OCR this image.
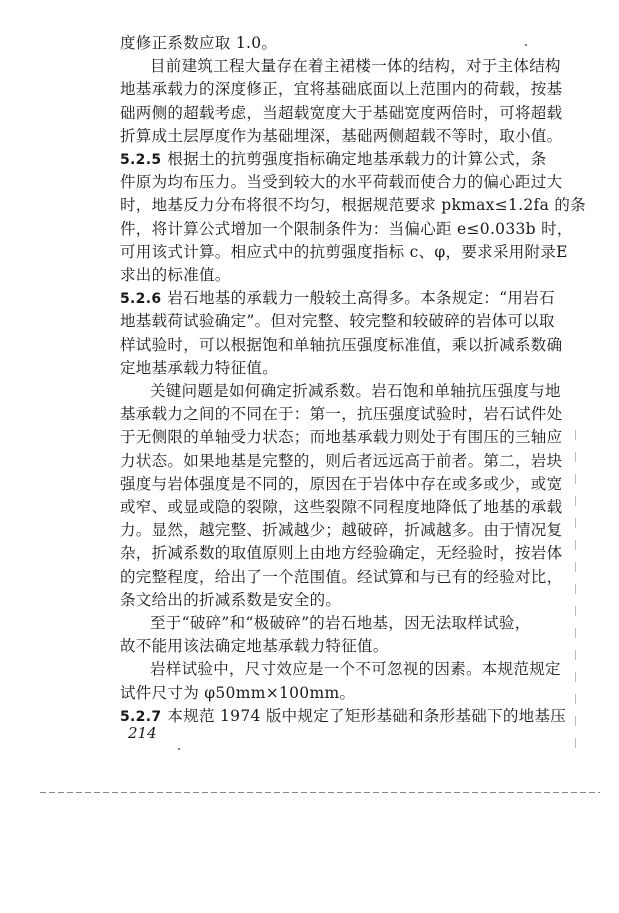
度修正系数应取 1.0。
目前建筑工程大量存在着主裙楼一体的结构，对于主体结构
地基承载力的深度修正，宜将基础底面以上范围内的荷载，按基
础两侧的超载考虑，当超载宽度大于基础宽度两倍时，可将超载
折算成土层厚度作为基础埋深，基础两侧超载不等时，取小值。
5.2.5 根据土的抗剪强度指标确定地基承载力的计算公式，条
件原为均布压力。当受到较大的水平荷载而使合力的偏心距过大
时，地基反力分布将很不均匀，根据规范要求 pkmax≤1.2fa 的条
件，将计算公式增加一个限制条件为：当偏心距 e≤0.033b 时，
可用该式计算。相应式中的抗剪强度指标 c、φ，要求采用附录E
求出的标准值。
5.2.6 岩石地基的承载力一般较土高得多。本条规定：“用岩石
地基载荷试验确定”。但对完整、较完整和较破碎的岩体可以取
样试验时，可以根据饱和单轴抗压强度标准值，乘以折减系数确
定地基承载力特征值。
关键问题是如何确定折减系数。岩石饱和单轴抗压强度与地
基承载力之间的不同在于：第一，抗压强度试验时，岩石试件处
于无侧限的单轴受力状态；而地基承载力则处于有围压的三轴应
力状态。如果地基是完整的，则后者远远高于前者。第二，岩块
强度与岩体强度是不同的，原因在于岩体中存在或多或少，或宽
或窄、或显或隐的裂隙，这些裂隙不同程度地降低了地基的承载
力。显然，越完整、折减越少；越破碎，折减越多。由于情况复
杂，折减系数的取值原则上由地方经验确定，无经验时，按岩体
的完整程度，给出了一个范围值。经试算和与已有的经验对比，
条文给出的折减系数是安全的。
至于“破碎”和“极破碎”的岩石地基，因无法取样试验，
故不能用该法确定地基承载力特征值。
岩样试验中，尺寸效应是一个不可忽视的因素。本规范规定
试件尺寸为 φ50mm×100mm。
5.2.7 本规范 1974 版中规定了矩形基础和条形基础下的地基压
214
